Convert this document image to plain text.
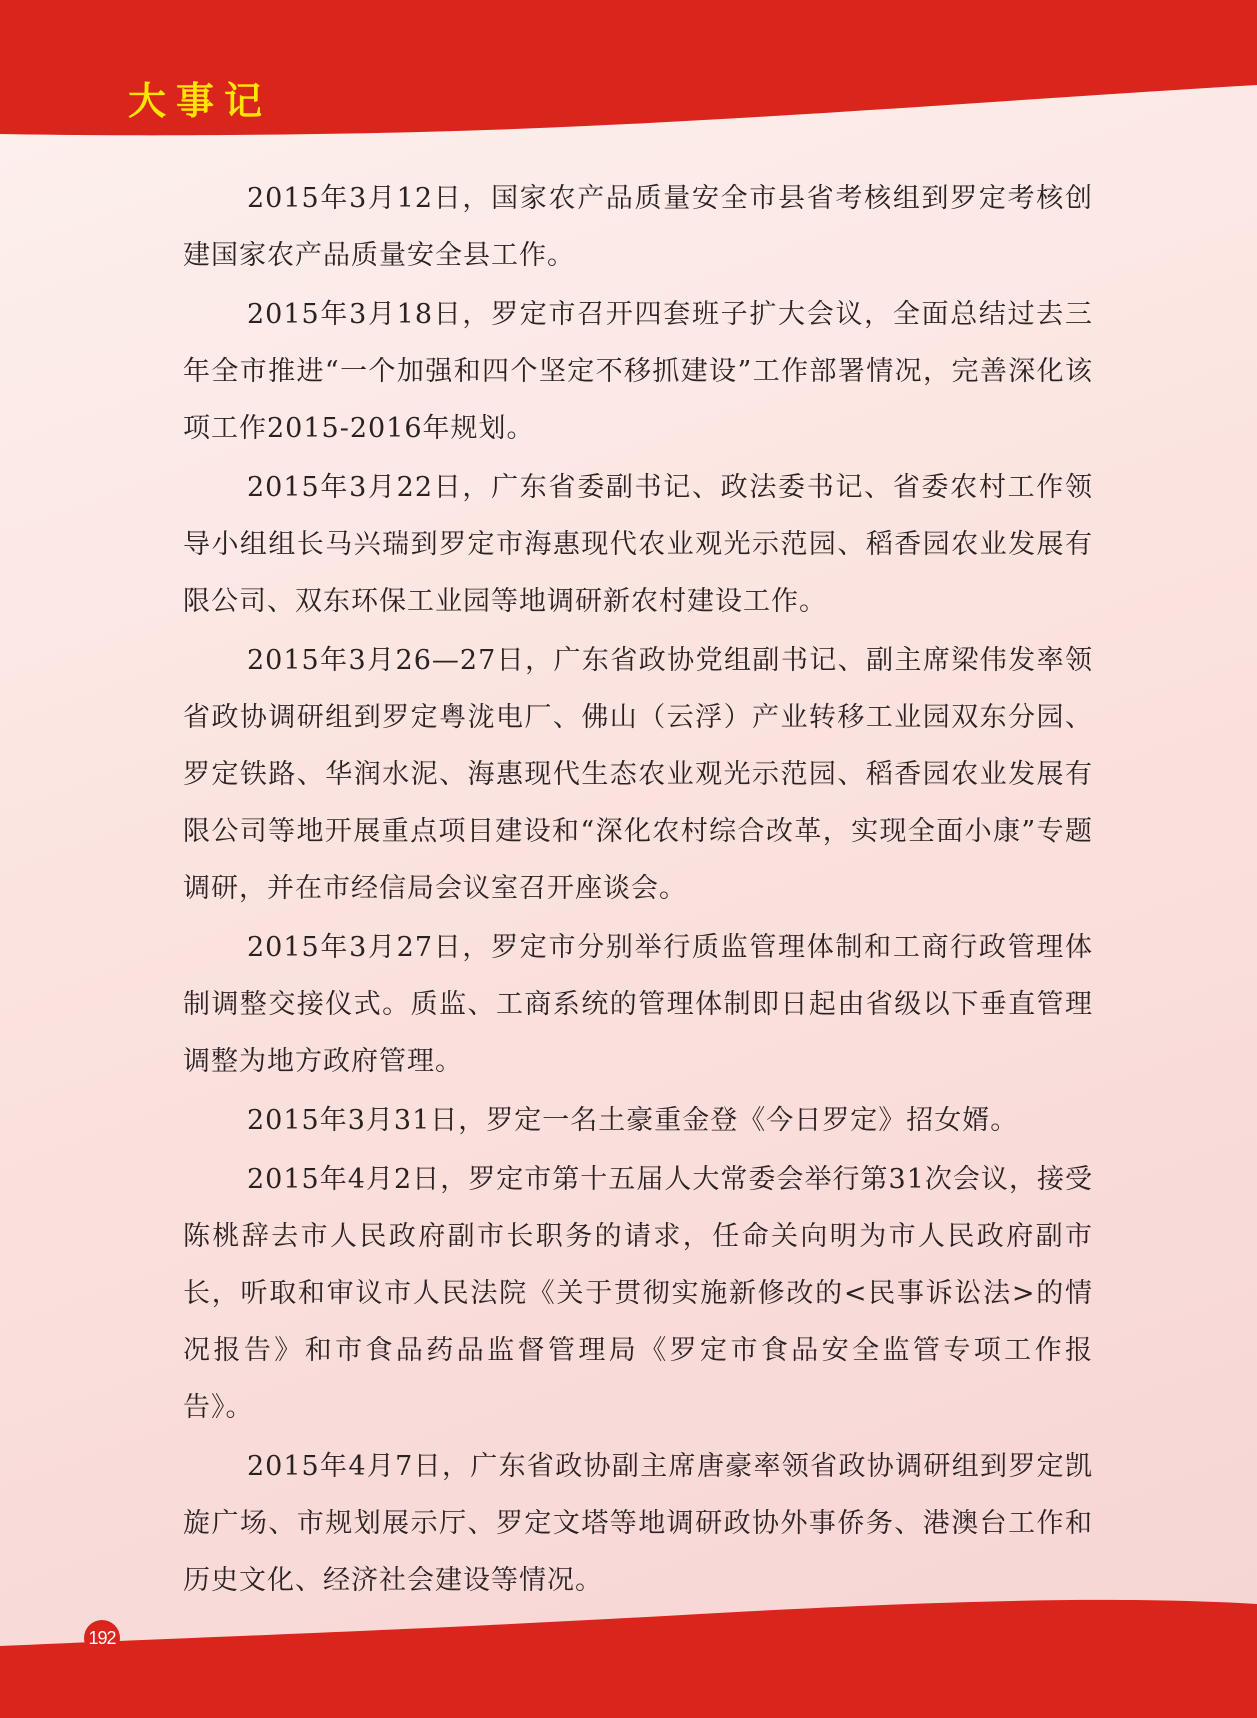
大事记

2015年3月12日，国家农产品质量安全市县省考核组到罗定考核创建国家农产品质量安全县工作。

2015年3月18日，罗定市召开四套班子扩大会议，全面总结过去三年全市推进“一个加强和四个坚定不移抓建设”工作部署情况，完善深化该项工作2015-2016年规划。

2015年3月22日，广东省委副书记、政法委书记、省委农村工作领导小组组长马兴瑞到罗定市海惠现代农业观光示范园、稻香园农业发展有限公司、双东环保工业园等地调研新农村建设工作。

2015年3月26—27日，广东省政协党组副书记、副主席梁伟发率领省政协调研组到罗定粤泷电厂、佛山（云浮）产业转移工业园双东分园、罗定铁路、华润水泥、海惠现代生态农业观光示范园、稻香园农业发展有限公司等地开展重点项目建设和“深化农村综合改革，实现全面小康”专题调研，并在市经信局会议室召开座谈会。

2015年3月27日，罗定市分别举行质监管理体制和工商行政管理体制调整交接仪式。质监、工商系统的管理体制即日起由省级以下垂直管理调整为地方政府管理。

2015年3月31日，罗定一名土豪重金登《今日罗定》招女婿。

2015年4月2日，罗定市第十五届人大常委会举行第31次会议，接受陈桃辞去市人民政府副市长职务的请求，任命关向明为市人民政府副市长，听取和审议市人民法院《关于贯彻实施新修改的<民事诉讼法>的情况报告》和市食品药品监督管理局《罗定市食品安全监管专项工作报告》。

2015年4月7日，广东省政协副主席唐豪率领省政协调研组到罗定凯旋广场、市规划展示厅、罗定文塔等地调研政协外事侨务、港澳台工作和历史文化、经济社会建设等情况。

192
